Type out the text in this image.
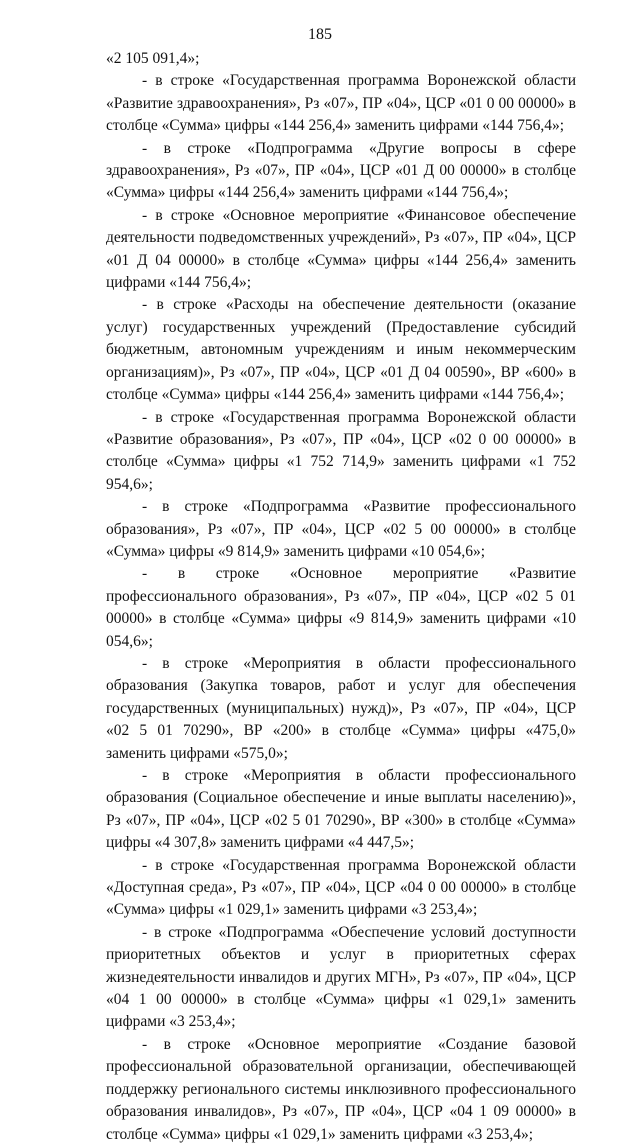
185

«2 105 091,4»;

- в строке «Государственная программа Воронежской области «Развитие здравоохранения», Рз «07», ПР «04», ЦСР «01 0 00 00000» в столбце «Сумма» цифры «144 256,4» заменить цифрами «144 756,4»;

- в строке «Подпрограмма «Другие вопросы в сфере здравоохранения», Рз «07», ПР «04», ЦСР «01 Д 00 00000» в столбце «Сумма» цифры «144 256,4» заменить цифрами «144 756,4»;

- в строке «Основное мероприятие «Финансовое обеспечение деятельности подведомственных учреждений», Рз «07», ПР «04», ЦСР «01 Д 04 00000» в столбце «Сумма» цифры «144 256,4» заменить цифрами «144 756,4»;

- в строке «Расходы на обеспечение деятельности (оказание услуг) государственных учреждений (Предоставление субсидий бюджетным, автономным учреждениям и иным некоммерческим организациям)», Рз «07», ПР «04», ЦСР «01 Д 04 00590», ВР «600» в столбце «Сумма» цифры «144 256,4» заменить цифрами «144 756,4»;

- в строке «Государственная программа Воронежской области «Развитие образования», Рз «07», ПР «04», ЦСР «02 0 00 00000» в столбце «Сумма» цифры «1 752 714,9» заменить цифрами «1 752 954,6»;

- в строке «Подпрограмма «Развитие профессионального образования», Рз «07», ПР «04», ЦСР «02 5 00 00000» в столбце «Сумма» цифры «9 814,9» заменить цифрами «10 054,6»;

- в строке «Основное мероприятие «Развитие профессионального образования», Рз «07», ПР «04», ЦСР «02 5 01 00000» в столбце «Сумма» цифры «9 814,9» заменить цифрами «10 054,6»;

- в строке «Мероприятия в области профессионального образования (Закупка товаров, работ и услуг для обеспечения государственных (муниципальных) нужд)», Рз «07», ПР «04», ЦСР «02 5 01 70290», ВР «200» в столбце «Сумма» цифры «475,0» заменить цифрами «575,0»;

- в строке «Мероприятия в области профессионального образования (Социальное обеспечение и иные выплаты населению)», Рз «07», ПР «04», ЦСР «02 5 01 70290», ВР «300» в столбце «Сумма» цифры «4 307,8» заменить цифрами «4 447,5»;

- в строке «Государственная программа Воронежской области «Доступная среда», Рз «07», ПР «04», ЦСР «04 0 00 00000» в столбце «Сумма» цифры «1 029,1» заменить цифрами «3 253,4»;

- в строке «Подпрограмма «Обеспечение условий доступности приоритетных объектов и услуг в приоритетных сферах жизнедеятельности инвалидов и других МГН», Рз «07», ПР «04», ЦСР «04 1 00 00000» в столбце «Сумма» цифры «1 029,1» заменить цифрами «3 253,4»;

- в строке «Основное мероприятие «Создание базовой профессиональной образовательной организации, обеспечивающей поддержку регионального системы инклюзивного профессионального образования инвалидов», Рз «07», ПР «04», ЦСР «04 1 09 00000» в столбце «Сумма» цифры «1 029,1» заменить цифрами «3 253,4»;
